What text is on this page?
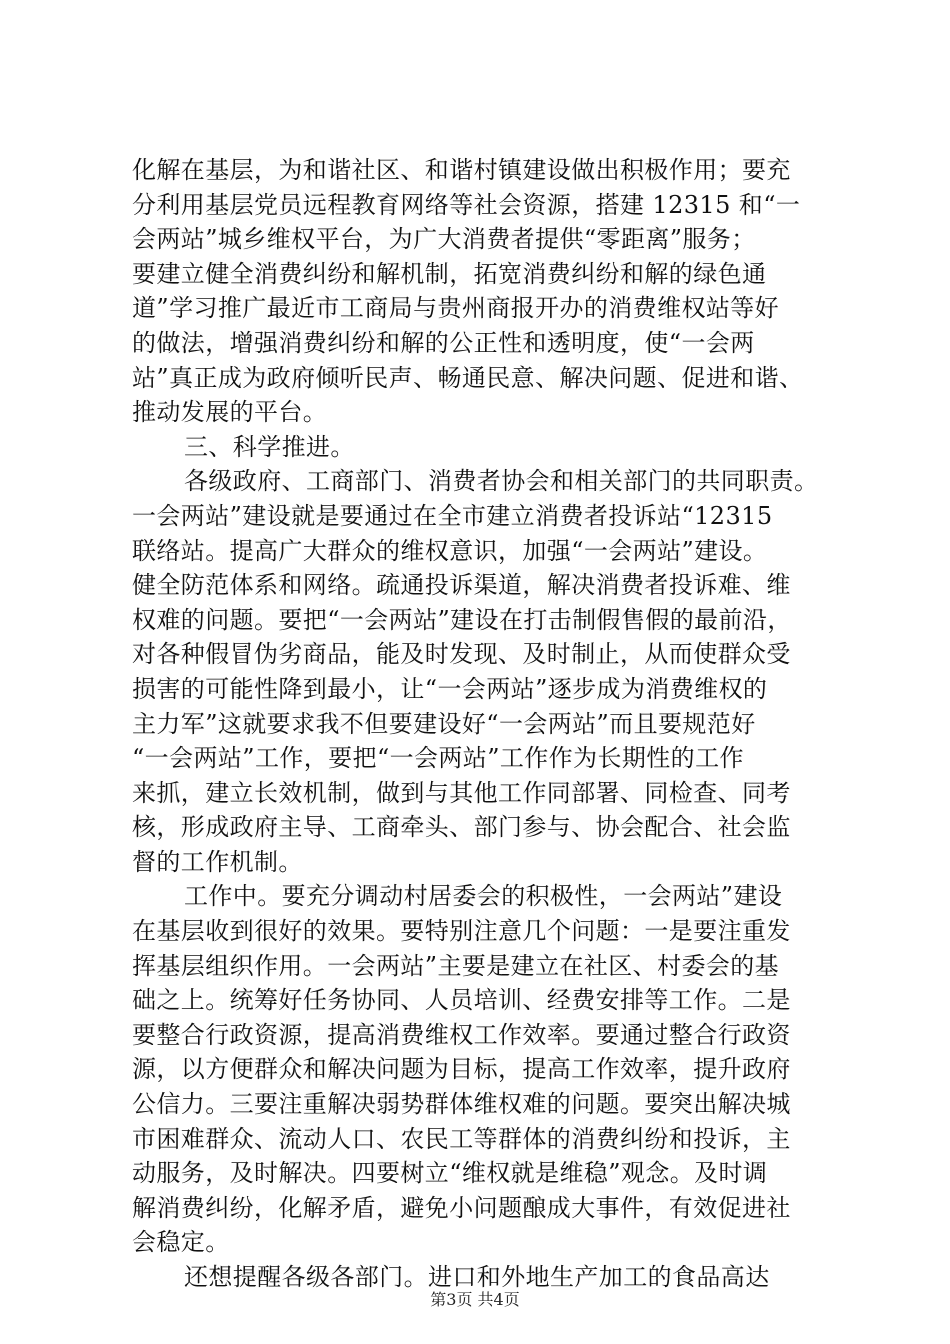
化解在基层，为和谐社区、和谐村镇建设做出积极作用；要充
分利用基层党员远程教育网络等社会资源，搭建 12315 和“一
会两站”城乡维权平台，为广大消费者提供“零距离”服务；
要建立健全消费纠纷和解机制，拓宽消费纠纷和解的绿色通
道”学习推广最近市工商局与贵州商报开办的消费维权站等好
的做法，增强消费纠纷和解的公正性和透明度，使“一会两
站”真正成为政府倾听民声、畅通民意、解决问题、促进和谐、
推动发展的平台。
三、科学推进。
各级政府、工商部门、消费者协会和相关部门的共同职责。
一会两站”建设就是要通过在全市建立消费者投诉站“12315
联络站。提高广大群众的维权意识，加强“一会两站”建设。
健全防范体系和网络。疏通投诉渠道，解决消费者投诉难、维
权难的问题。要把“一会两站”建设在打击制假售假的最前沿，
对各种假冒伪劣商品，能及时发现、及时制止，从而使群众受
损害的可能性降到最小，让“一会两站”逐步成为消费维权的
主力军”这就要求我不但要建设好“一会两站”而且要规范好
“一会两站”工作，要把“一会两站”工作作为长期性的工作
来抓，建立长效机制，做到与其他工作同部署、同检查、同考
核，形成政府主导、工商牵头、部门参与、协会配合、社会监
督的工作机制。
工作中。要充分调动村居委会的积极性，一会两站”建设
在基层收到很好的效果。要特别注意几个问题：一是要注重发
挥基层组织作用。一会两站”主要是建立在社区、村委会的基
础之上。统筹好任务协同、人员培训、经费安排等工作。二是
要整合行政资源，提高消费维权工作效率。要通过整合行政资
源，以方便群众和解决问题为目标，提高工作效率，提升政府
公信力。三要注重解决弱势群体维权难的问题。要突出解决城
市困难群众、流动人口、农民工等群体的消费纠纷和投诉，主
动服务，及时解决。四要树立“维权就是维稳”观念。及时调
解消费纠纷，化解矛盾，避免小问题酿成大事件，有效促进社
会稳定。
还想提醒各级各部门。进口和外地生产加工的食品高达
第3页 共4页
